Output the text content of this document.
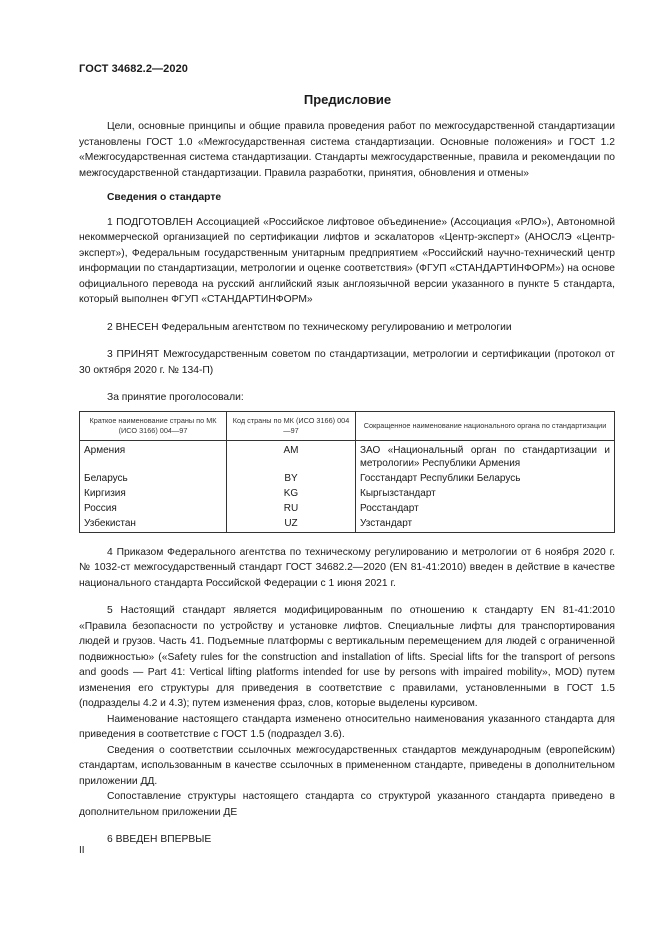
ГОСТ 34682.2—2020
Предисловие

Цели, основные принципы и общие правила проведения работ по межгосударственной стандартизации установлены ГОСТ 1.0 «Межгосударственная система стандартизации. Основные положения» и ГОСТ 1.2 «Межгосударственная система стандартизации. Стандарты межгосударственные, правила и рекомендации по межгосударственной стандартизации. Правила разработки, принятия, обновления и отмены»

Сведения о стандарте

1 ПОДГОТОВЛЕН Ассоциацией «Российское лифтовое объединение» (Ассоциация «РЛО»), Автономной некоммерческой организацией по сертификации лифтов и эскалаторов «Центр-эксперт» (АНОСЛЭ «Центр-эксперт»), Федеральным государственным унитарным предприятием «Российский научно-технический центр информации по стандартизации, метрологии и оценке соответствия» (ФГУП «СТАНДАРТИНФОРМ») на основе официального перевода на русский английский язык англоязычной версии указанного в пункте 5 стандарта, который выполнен ФГУП «СТАНДАРТИНФОРМ»

2 ВНЕСЕН Федеральным агентством по техническому регулированию и метрологии

3 ПРИНЯТ Межгосударственным советом по стандартизации, метрологии и сертификации (протокол от 30 октября 2020 г. № 134-П)

За принятие проголосовали:

Краткое наименование страны по МК (ИСО 3166) 004—97	Код страны по МК (ИСО 3166) 004—97	Сокращенное наименование национального органа по стандартизации
Армения	AM	ЗАО «Национальный орган по стандартизации и метрологии» Республики Армения
Беларусь	BY	Госстандарт Республики Беларусь
Киргизия	KG	Кыргызстандарт
Россия	RU	Росстандарт
Узбекистан	UZ	Узстандарт

4 Приказом Федерального агентства по техническому регулированию и метрологии от 6 ноября 2020 г. № 1032-ст межгосударственный стандарт ГОСТ 34682.2—2020 (EN 81-41:2010) введен в действие в качестве национального стандарта Российской Федерации с 1 июня 2021 г.

5 Настоящий стандарт является модифицированным по отношению к стандарту EN 81-41:2010 «Правила безопасности по устройству и установке лифтов. Специальные лифты для транспортирования людей и грузов. Часть 41. Подъемные платформы с вертикальным перемещением для людей с ограниченной подвижностью» («Safety rules for the construction and installation of lifts. Special lifts for the transport of persons and goods — Part 41: Vertical lifting platforms intended for use by persons with impaired mobility», MOD) путем изменения его структуры для приведения в соответствие с правилами, установленными в ГОСТ 1.5 (подразделы 4.2 и 4.3); путем изменения фраз, слов, которые выделены курсивом.

Наименование настоящего стандарта изменено относительно наименования указанного стандарта для приведения в соответствие с ГОСТ 1.5 (подраздел 3.6).

Сведения о соответствии ссылочных межгосударственных стандартов международным (европейским) стандартам, использованным в качестве ссылочных в примененном стандарте, приведены в дополнительном приложении ДД.

Сопоставление структуры настоящего стандарта со структурой указанного стандарта приведено в дополнительном приложении ДЕ

6 ВВЕДЕН ВПЕРВЫЕ

II
